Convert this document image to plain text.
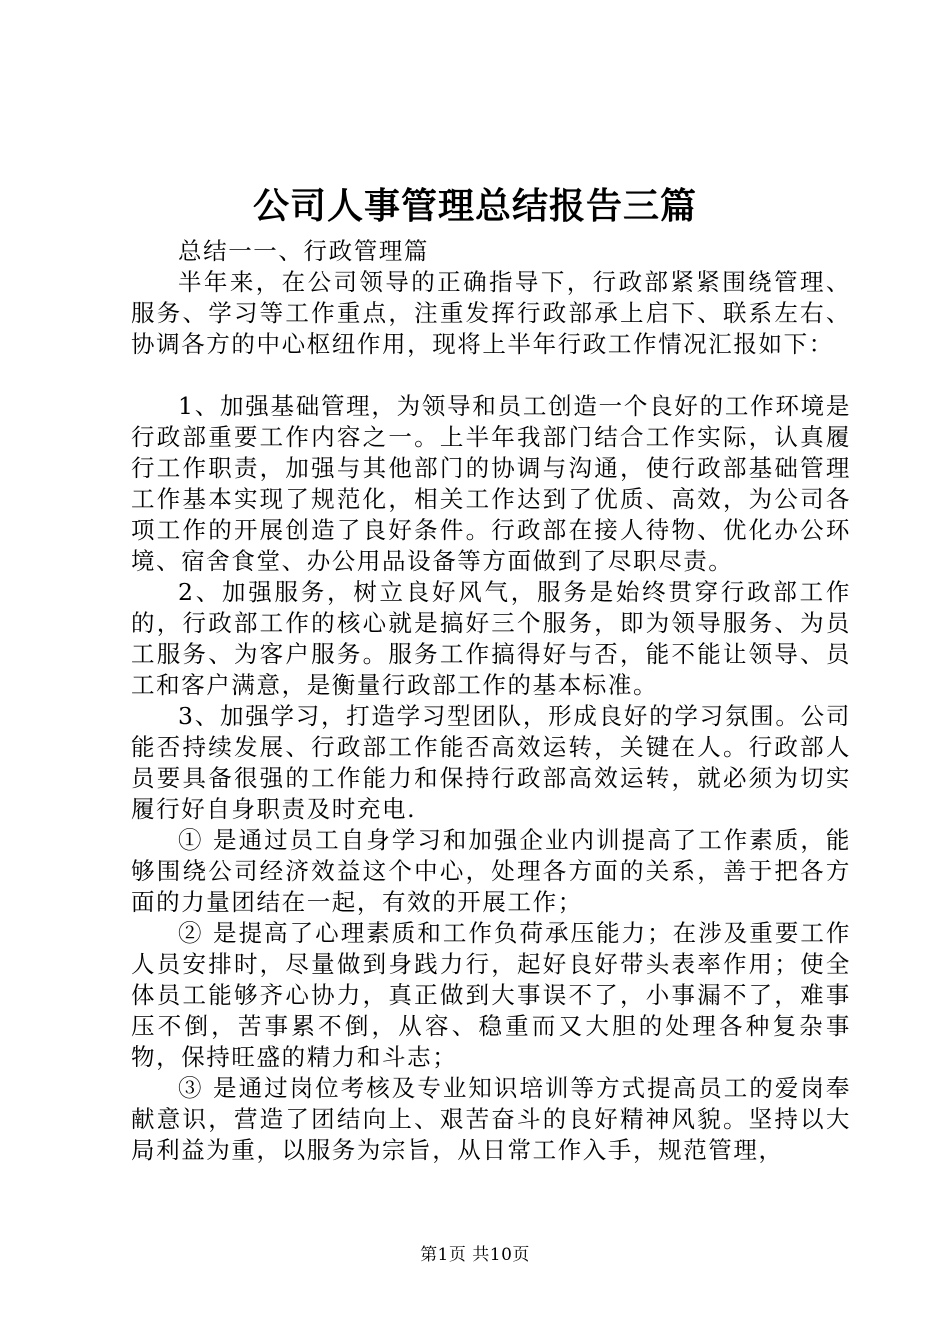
公司人事管理总结报告三篇

总结一一、行政管理篇

半年来，在公司领导的正确指导下，行政部紧紧围绕管理、服务、学习等工作重点，注重发挥行政部承上启下、联系左右、协调各方的中心枢纽作用，现将上半年行政工作情况汇报如下：

1、加强基础管理，为领导和员工创造一个良好的工作环境是行政部重要工作内容之一。上半年我部门结合工作实际，认真履行工作职责，加强与其他部门的协调与沟通，使行政部基础管理工作基本实现了规范化，相关工作达到了优质、高效，为公司各项工作的开展创造了良好条件。行政部在接人待物、优化办公环境、宿舍食堂、办公用品设备等方面做到了尽职尽责。

2、加强服务，树立良好风气，服务是始终贯穿行政部工作的，行政部工作的核心就是搞好三个服务，即为领导服务、为员工服务、为客户服务。服务工作搞得好与否，能不能让领导、员工和客户满意，是衡量行政部工作的基本标准。

3、加强学习，打造学习型团队，形成良好的学习氛围。公司能否持续发展、行政部工作能否高效运转，关键在人。行政部人员要具备很强的工作能力和保持行政部高效运转，就必须为切实履行好自身职责及时充电.

① 是通过员工自身学习和加强企业内训提高了工作素质，能够围绕公司经济效益这个中心，处理各方面的关系，善于把各方面的力量团结在一起，有效的开展工作；

② 是提高了心理素质和工作负荷承压能力；在涉及重要工作人员安排时，尽量做到身践力行，起好良好带头表率作用；使全体员工能够齐心协力，真正做到大事误不了，小事漏不了，难事压不倒，苦事累不倒，从容、稳重而又大胆的处理各种复杂事物，保持旺盛的精力和斗志；

③ 是通过岗位考核及专业知识培训等方式提高员工的爱岗奉献意识，营造了团结向上、艰苦奋斗的良好精神风貌。坚持以大局利益为重，以服务为宗旨，从日常工作入手，规范管理，

第1页 共10页
